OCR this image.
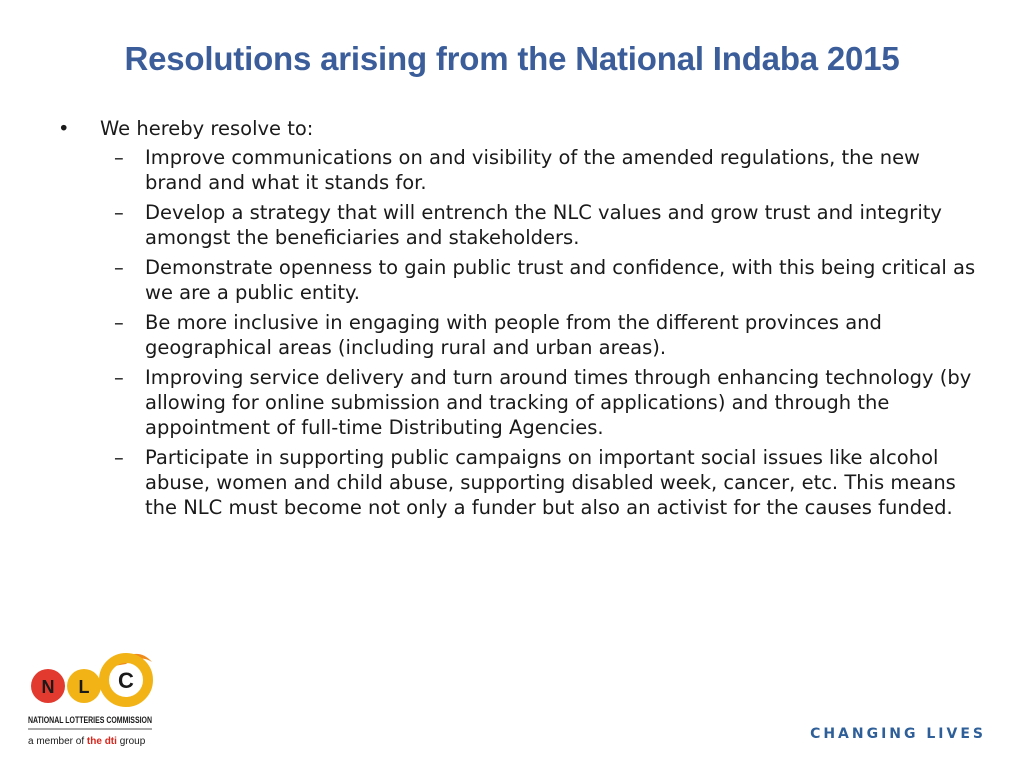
Resolutions arising from the National Indaba 2015
•	We hereby resolve to:
– Improve communications on and visibility of the amended regulations, the new brand and what it stands for.
– Develop a strategy that will entrench the NLC values and grow trust and integrity amongst the beneficiaries and stakeholders.
– Demonstrate openness to gain public trust and confidence, with this being critical as we are a public entity.
– Be more inclusive in engaging with people from the different provinces and geographical areas (including rural and urban areas).
– Improving service delivery and turn around times through enhancing technology (by allowing for online submission and tracking of applications) and through the appointment of full-time Distributing Agencies.
– Participate in supporting public campaigns on important social issues like alcohol abuse, women and child abuse, supporting disabled week, cancer, etc. This means the NLC must become not only a funder but also an activist for the causes funded.
N L C
NATIONAL LOTTERIES COMMISSION
a member of the dti group	CHANGING LIVES
